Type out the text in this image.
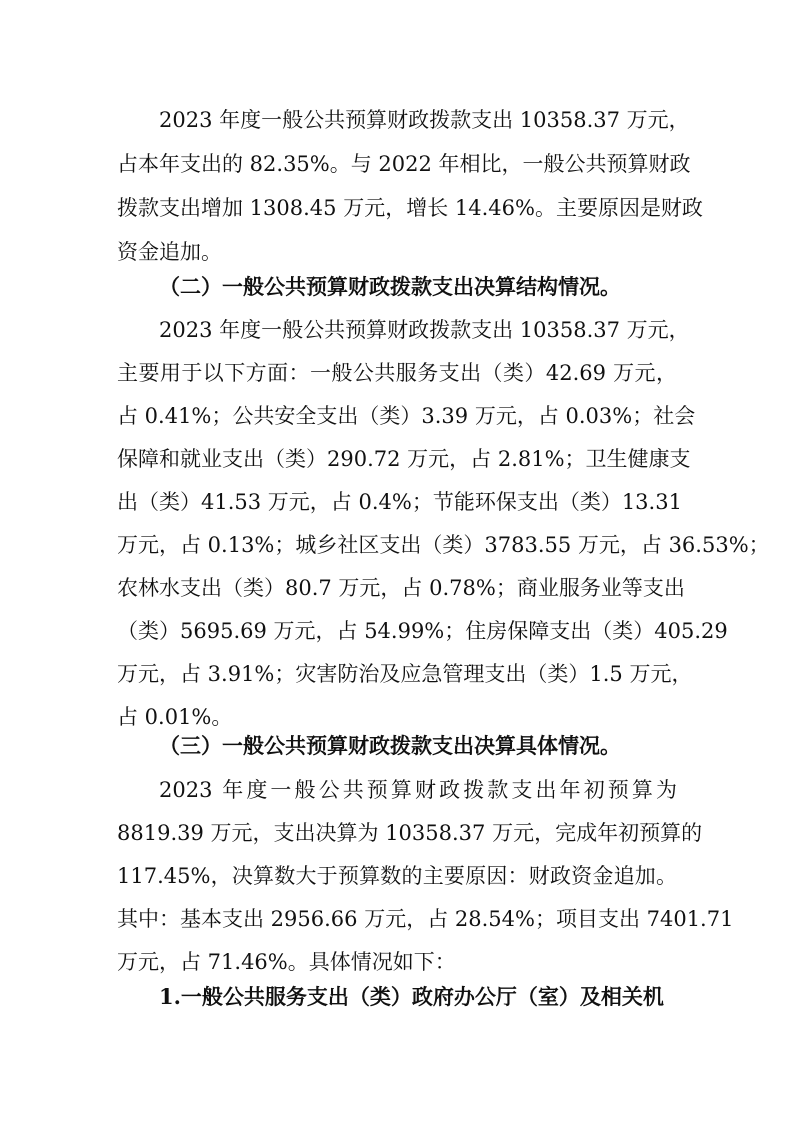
2023 年度一般公共预算财政拨款支出 10358.37 万元，
占本年支出的 82.35%。与 2022 年相比，一般公共预算财政
拨款支出增加 1308.45 万元，增长 14.46%。主要原因是财政
资金追加。
（二）一般公共预算财政拨款支出决算结构情况。
2023 年度一般公共预算财政拨款支出 10358.37 万元，
主要用于以下方面：一般公共服务支出（类）42.69 万元，
占 0.41%；公共安全支出（类）3.39 万元，占 0.03%；社会
保障和就业支出（类）290.72 万元，占 2.81%；卫生健康支
出（类）41.53 万元，占 0.4%；节能环保支出（类）13.31
万元，占 0.13%；城乡社区支出（类）3783.55 万元，占 36.53%；
农林水支出（类）80.7 万元，占 0.78%；商业服务业等支出
（类）5695.69 万元，占 54.99%；住房保障支出（类）405.29
万元，占 3.91%；灾害防治及应急管理支出（类）1.5 万元，
占 0.01%。
（三）一般公共预算财政拨款支出决算具体情况。
2023 年度一般公共预算财政拨款支出年初预算为
8819.39 万元，支出决算为 10358.37 万元，完成年初预算的
117.45%，决算数大于预算数的主要原因：财政资金追加。
其中：基本支出 2956.66 万元，占 28.54%；项目支出 7401.71
万元，占 71.46%。具体情况如下：
1.一般公共服务支出（类）政府办公厅（室）及相关机
